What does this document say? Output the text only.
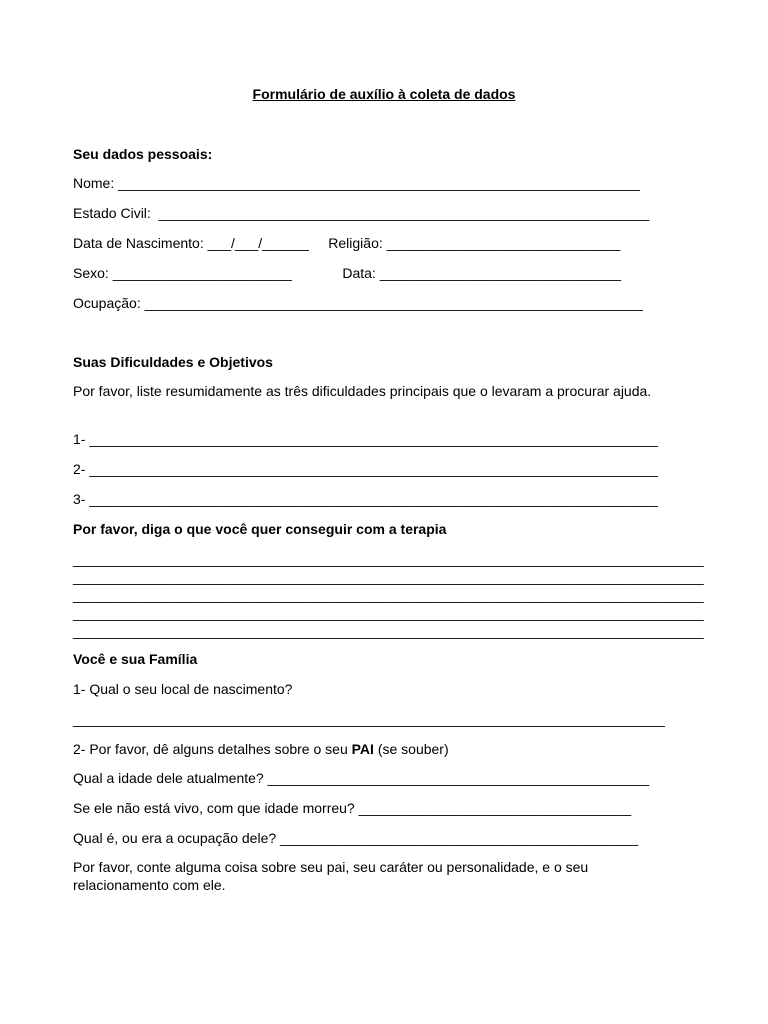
Formulário de auxílio à coleta de dados
Seu dados pessoais:
Nome: ___________________________________________________________________
Estado Civil:  _______________________________________________________________
Data de Nascimento: ___/___/______     Religião: ______________________________
Sexo: _______________________             Data: _______________________________
Ocupação: ________________________________________________________________
Suas Dificuldades e Objetivos
Por favor, liste resumidamente as três dificuldades principais que o levaram a procurar ajuda.
1- _________________________________________________________________________
2- _________________________________________________________________________
3- _________________________________________________________________________
Por favor, diga o que você quer conseguir com a terapia
_________________________________________________________________________________
_________________________________________________________________________________
_________________________________________________________________________________
_________________________________________________________________________________
_________________________________________________________________________________
Você e sua Família
1- Qual o seu local de nascimento?
____________________________________________________________________________
2- Por favor, dê alguns detalhes sobre o seu PAI (se souber)
Qual a idade dele atualmente? _________________________________________________
Se ele não está vivo, com que idade morreu? ___________________________________
Qual é, ou era a ocupação dele? ______________________________________________
Por favor, conte alguma coisa sobre seu pai, seu caráter ou personalidade, e o seu relacionamento com ele.
